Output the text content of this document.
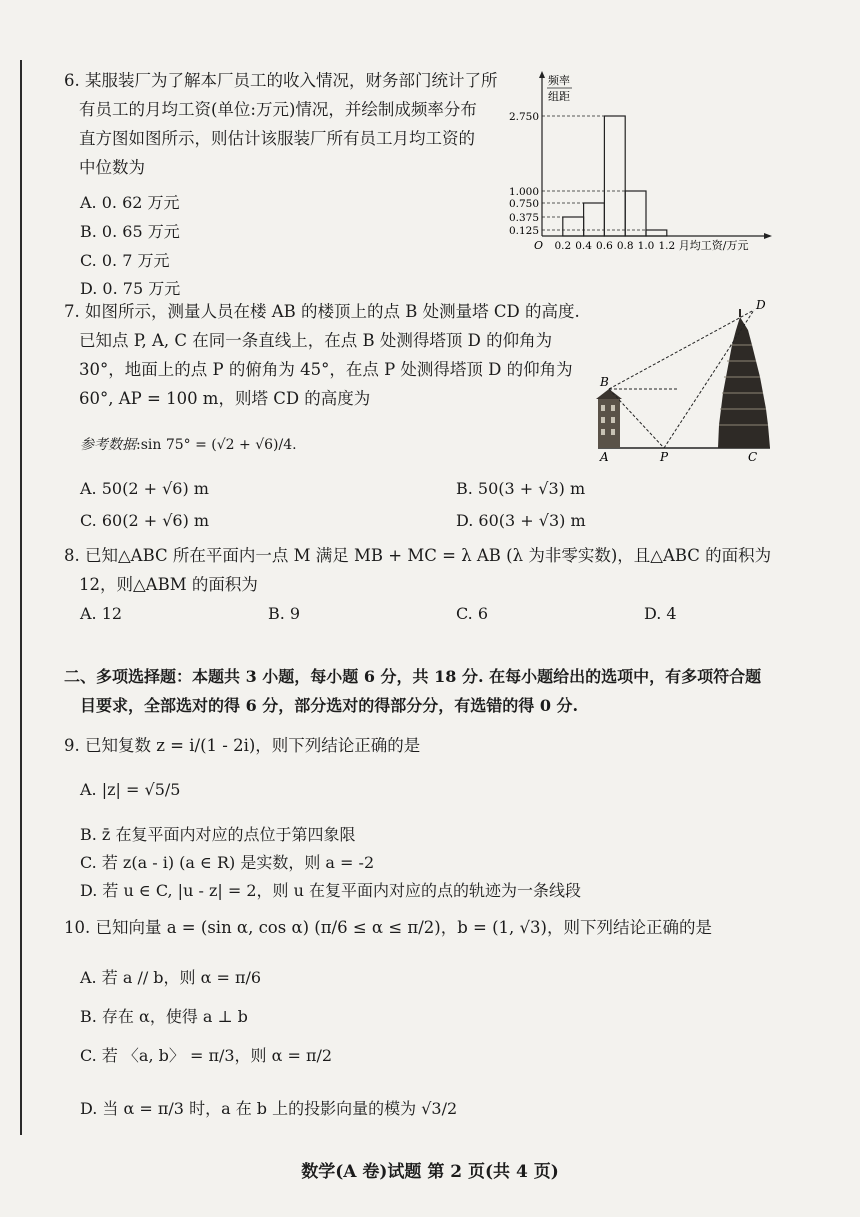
6. 某服装厂为了解本厂员工的收入情况，财务部门统计了所
有员工的月均工资(单位:万元)情况，并绘制成频率分布
直方图如图所示，则估计该服装厂所有员工月均工资的
中位数为
A. 0. 62 万元
B. 0. 65 万元
C. 0. 7 万元
D. 0. 75 万元
频率
组距
2.750
1.000
0.750
0.375
0.125
0.2 0.4 0.6 0.8 1.0 1.2
O	月均工资/万元
7. 如图所示，测量人员在楼 AB 的楼顶上的点 B 处测量塔 CD 的高度.
已知点 P, A, C 在同一条直线上，在点 B 处测得塔顶 D 的仰角为
30°，地面上的点 P 的俯角为 45°，在点 P 处测得塔顶 D 的仰角为
60°, AP = 100 m，则塔 CD 的高度为
参考数据:sin 75° = (√2 + √6)/4.
A. 50(2 + √6) m	B. 50(3 + √3) m
C. 60(2 + √6) m	D. 60(3 + √3) m
B
A	P	C
D
8. 已知△ABC 所在平面内一点 M 满足 MB + MC = λ AB (λ 为非零实数)，且△ABC 的面积为
12，则△ABM 的面积为
A. 12	B. 9	C. 6	D. 4
二、多项选择题：本题共 3 小题，每小题 6 分，共 18 分. 在每小题给出的选项中，有多项符合题
目要求，全部选对的得 6 分，部分选对的得部分分，有选错的得 0 分.
9. 已知复数 z = i/(1 - 2i)，则下列结论正确的是
A. |z| = √5/5
B. z̄ 在复平面内对应的点位于第四象限
C. 若 z(a - i) (a ∈ R) 是实数，则 a = -2
D. 若 u ∈ C, |u - z| = 2，则 u 在复平面内对应的点的轨迹为一条线段
10. 已知向量 a = (sin α, cos α) (π/6 ≤ α ≤ π/2)，b = (1, √3)，则下列结论正确的是
A. 若 a // b，则 α = π/6
B. 存在 α，使得 a ⊥ b
C. 若 〈a, b〉 = π/3，则 α = π/2
D. 当 α = π/3 时，a 在 b 上的投影向量的模为 √3/2
数学(A 卷)试题 第 2 页(共 4 页)
